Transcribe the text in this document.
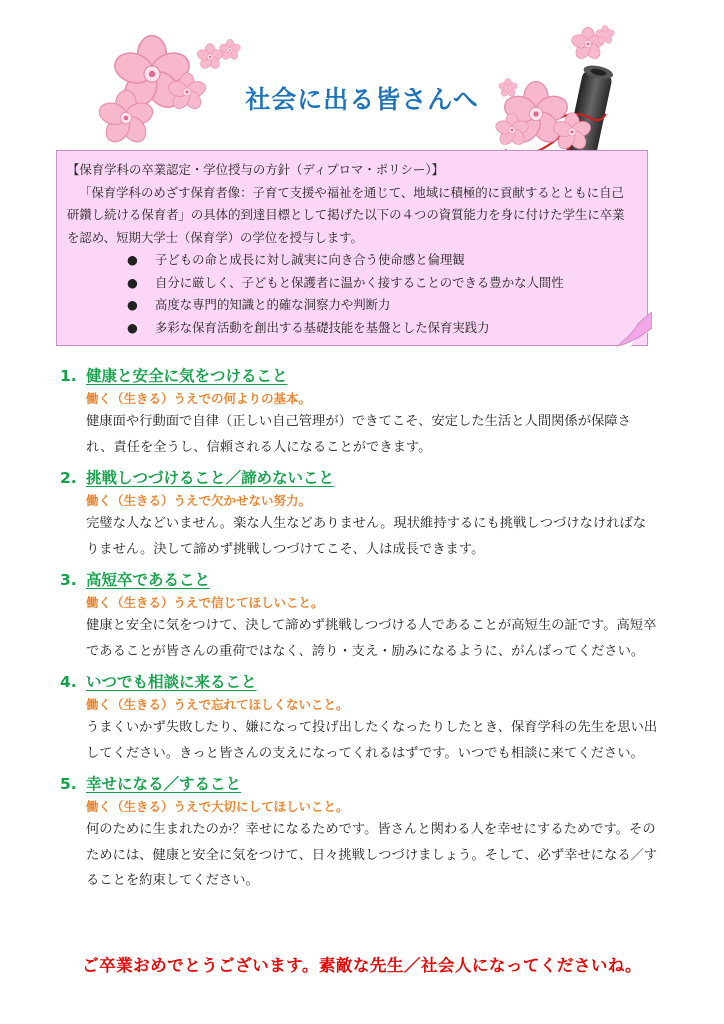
社会に出る皆さんへ

【保育学科の卒業認定・学位授与の方針（ディプロマ・ポリシー）】

「保育学科のめざす保育者像：子育て支援や福祉を通じて、地域に積極的に貢献するとともに自己研鑽し続ける保育者」の具体的到達目標として掲げた以下の４つの資質能力を身に付けた学生に卒業を認め、短期大学士（保育学）の学位を授与します。

● 子どもの命と成長に対し誠実に向き合う使命感と倫理観
● 自分に厳しく、子どもと保護者に温かく接することのできる豊かな人間性
● 高度な専門的知識と的確な洞察力や判断力
● 多彩な保育活動を創出する基礎技能を基盤とした保育実践力
1. 健康と安全に気をつけること
働く（生きる）うえでの何よりの基本。
健康面や行動面で自律（正しい自己管理が）できてこそ、安定した生活と人間関係が保障され、責任を全うし、信頼される人になることができます。
2. 挑戦しつづけること／諦めないこと
働く（生きる）うえで欠かせない努力。
完璧な人などいません。楽な人生などありません。現状維持するにも挑戦しつづけなければなりません。決して諦めず挑戦しつづけてこそ、人は成長できます。
3. 高短卒であること
働く（生きる）うえで信じてほしいこと。
健康と安全に気をつけて、決して諦めず挑戦しつづける人であることが高短生の証です。高短卒であることが皆さんの重荷ではなく、誇り・支え・励みになるように、がんばってください。
4. いつでも相談に来ること
働く（生きる）うえで忘れてほしくないこと。
うまくいかず失敗したり、嫌になって投げ出したくなったりしたとき、保育学科の先生を思い出してください。きっと皆さんの支えになってくれるはずです。いつでも相談に来てください。
5. 幸せになる／すること
働く（生きる）うえで大切にしてほしいこと。
何のために生まれたのか？幸せになるためです。皆さんと関わる人を幸せにするためです。そのためには、健康と安全に気をつけて、日々挑戦しつづけましょう。そして、必ず幸せになる／することを約束してください。
ご卒業おめでとうございます。素敵な先生／社会人になってくださいね。
